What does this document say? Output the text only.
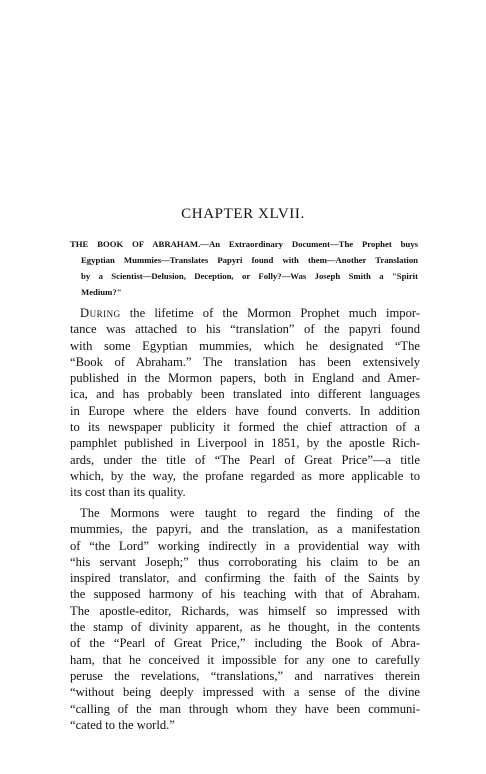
CHAPTER XLVII.
THE BOOK OF ABRAHAM.—An Extraordinary Document—The Prophet buys
Egyptian Mummies—Translates Papyri found with them—Another Translation
by a Scientist—Delusion, Deception, or Folly?—Was Joseph Smith a "Spirit
Medium?"
During the lifetime of the Mormon Prophet much impor-
tance was attached to his “translation” of the papyri found
with some Egyptian mummies, which he designated “The
“Book of Abraham.” The translation has been extensively
published in the Mormon papers, both in England and Amer-
ica, and has probably been translated into different languages
in Europe where the elders have found converts. In addition
to its newspaper publicity it formed the chief attraction of a
pamphlet published in Liverpool in 1851, by the apostle Rich-
ards, under the title of “The Pearl of Great Price”—a title
which, by the way, the profane regarded as more applicable to
its cost than its quality.
The Mormons were taught to regard the finding of the
mummies, the papyri, and the translation, as a manifestation
of “the Lord” working indirectly in a providential way with
“his servant Joseph;” thus corroborating his claim to be an
inspired translator, and confirming the faith of the Saints by
the supposed harmony of his teaching with that of Abraham.
The apostle-editor, Richards, was himself so impressed with
the stamp of divinity apparent, as he thought, in the contents
of the “Pearl of Great Price,” including the Book of Abra-
ham, that he conceived it impossible for any one to carefully
peruse the revelations, “translations,” and narratives therein
“without being deeply impressed with a sense of the divine
“calling of the man through whom they have been communi-
“cated to the world.”
